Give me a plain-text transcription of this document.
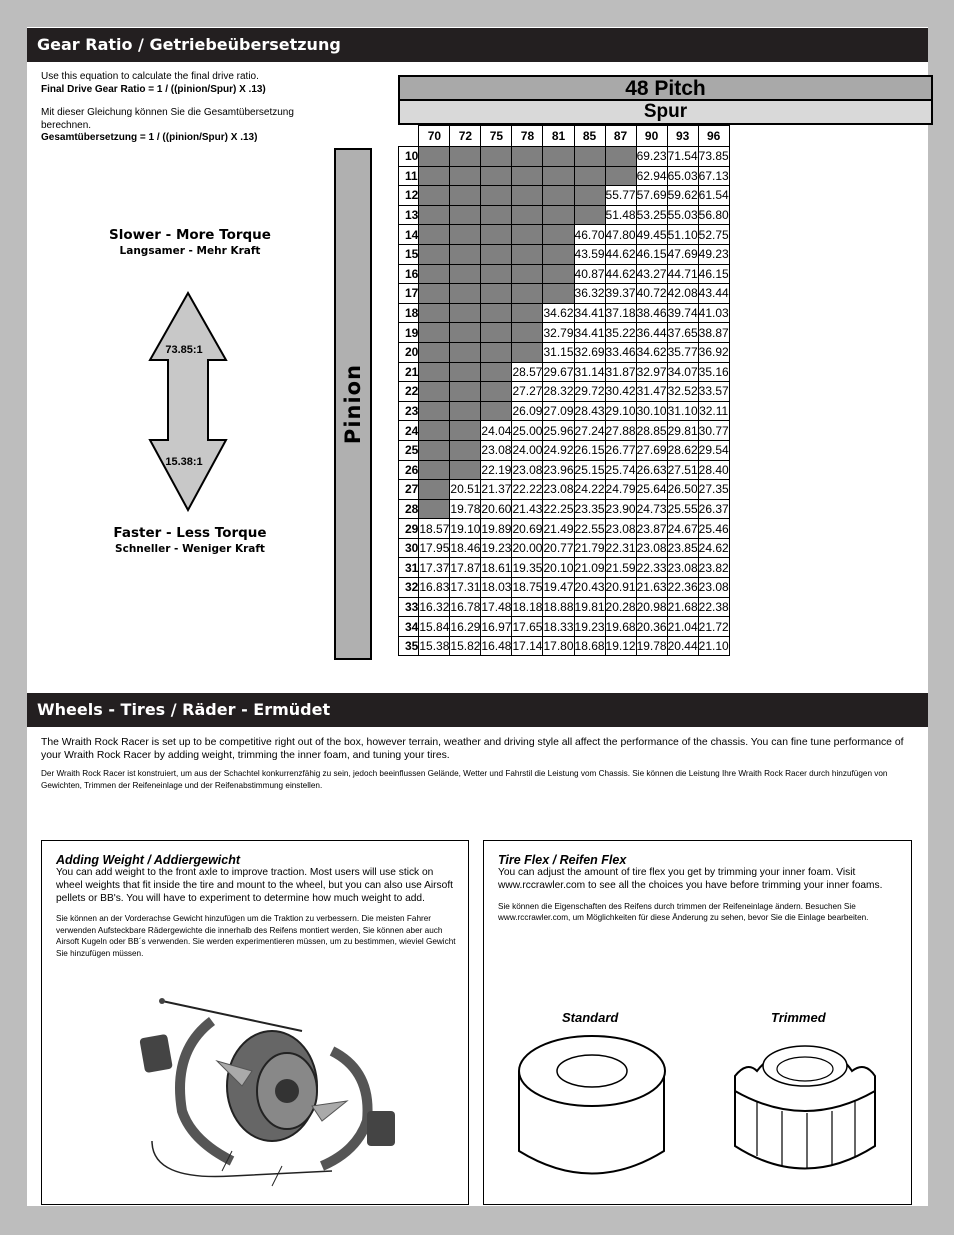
Gear Ratio / Getriebeübersetzung

Use this equation to calculate the final drive ratio.
Final Drive Gear Ratio = 1 / ((pinion/Spur) X .13)

Mit dieser Gleichung können Sie die Gesamtübersetzung berechnen.
Gesamtübersetzung = 1 / ((pinion/Spur) X .13)

Slower - More Torque
Langsamer - Mehr Kraft
73.85:1
15.38:1
Faster - Less Torque
Schneller - Weniger Kraft
48 Pitch
Spur
Pinion
	70	72	75	78	81	85	87	90	93	96
10								69.23	71.54	73.85
11								62.94	65.03	67.13
12							55.77	57.69	59.62	61.54
13							51.48	53.25	55.03	56.80
14						46.70	47.80	49.45	51.10	52.75
15						43.59	44.62	46.15	47.69	49.23
16						40.87	44.62	43.27	44.71	46.15
17						36.32	39.37	40.72	42.08	43.44
18					34.62	34.41	37.18	38.46	39.74	41.03
19					32.79	34.41	35.22	36.44	37.65	38.87
20					31.15	32.69	33.46	34.62	35.77	36.92
21				28.57	29.67	31.14	31.87	32.97	34.07	35.16
22				27.27	28.32	29.72	30.42	31.47	32.52	33.57
23				26.09	27.09	28.43	29.10	30.10	31.10	32.11
24			24.04	25.00	25.96	27.24	27.88	28.85	29.81	30.77
25			23.08	24.00	24.92	26.15	26.77	27.69	28.62	29.54
26			22.19	23.08	23.96	25.15	25.74	26.63	27.51	28.40
27		20.51	21.37	22.22	23.08	24.22	24.79	25.64	26.50	27.35
28		19.78	20.60	21.43	22.25	23.35	23.90	24.73	25.55	26.37
29	18.57	19.10	19.89	20.69	21.49	22.55	23.08	23.87	24.67	25.46
30	17.95	18.46	19.23	20.00	20.77	21.79	22.31	23.08	23.85	24.62
31	17.37	17.87	18.61	19.35	20.10	21.09	21.59	22.33	23.08	23.82
32	16.83	17.31	18.03	18.75	19.47	20.43	20.91	21.63	22.36	23.08
33	16.32	16.78	17.48	18.18	18.88	19.81	20.28	20.98	21.68	22.38
34	15.84	16.29	16.97	17.65	18.33	19.23	19.68	20.36	21.04	21.72
35	15.38	15.82	16.48	17.14	17.80	18.68	19.12	19.78	20.44	21.10
Wheels - Tires / Räder - Ermüdet

The Wraith Rock Racer is set up to be competitive right out of the box, however terrain, weather and driving style all affect the performance of the chassis. You can fine tune performance of your Wraith Rock Racer by adding weight, trimming the inner foam, and tuning your tires.

Der Wraith Rock Racer ist konstruiert, um aus der Schachtel konkurrenzfähig zu sein, jedoch beeinflussen Gelände, Wetter und Fahrstil die Leistung vom Chassis. Sie können die Leistung Ihre Wraith Rock Racer durch hinzufügen von Gewichten, Trimmen der Reifeneinlage und der Reifenabstimmung einstellen.

Adding Weight / Addiergewicht

You can add weight to the front axle to improve traction. Most users will use stick on wheel weights that fit inside the tire and mount to the wheel, but you can also use Airsoft pellets or BB's. You will have to experiment to determine how much weight to add.

Sie können an der Vorderachse Gewicht hinzufügen um die Traktion zu verbessern. Die meisten Fahrer verwenden Aufsteckbare Rädergewichte die innerhalb des Reifens montiert werden, Sie können aber auch Airsoft Kugeln oder BB´s verwenden. Sie werden experimentieren müssen, um zu bestimmen, wieviel Gewicht Sie hinzufügen müssen.

Tire Flex / Reifen Flex

You can adjust the amount of tire flex you get by trimming your inner foam. Visit www.rccrawler.com to see all the choices you have before trimming your inner foams.

Sie können die Eigenschaften des Reifens durch trimmen der Reifeneinlage ändern. Besuchen Sie www.rccrawler.com, um Möglichkeiten für diese Änderung zu sehen, bevor Sie die Einlage bearbeiten.

Standard	Trimmed
